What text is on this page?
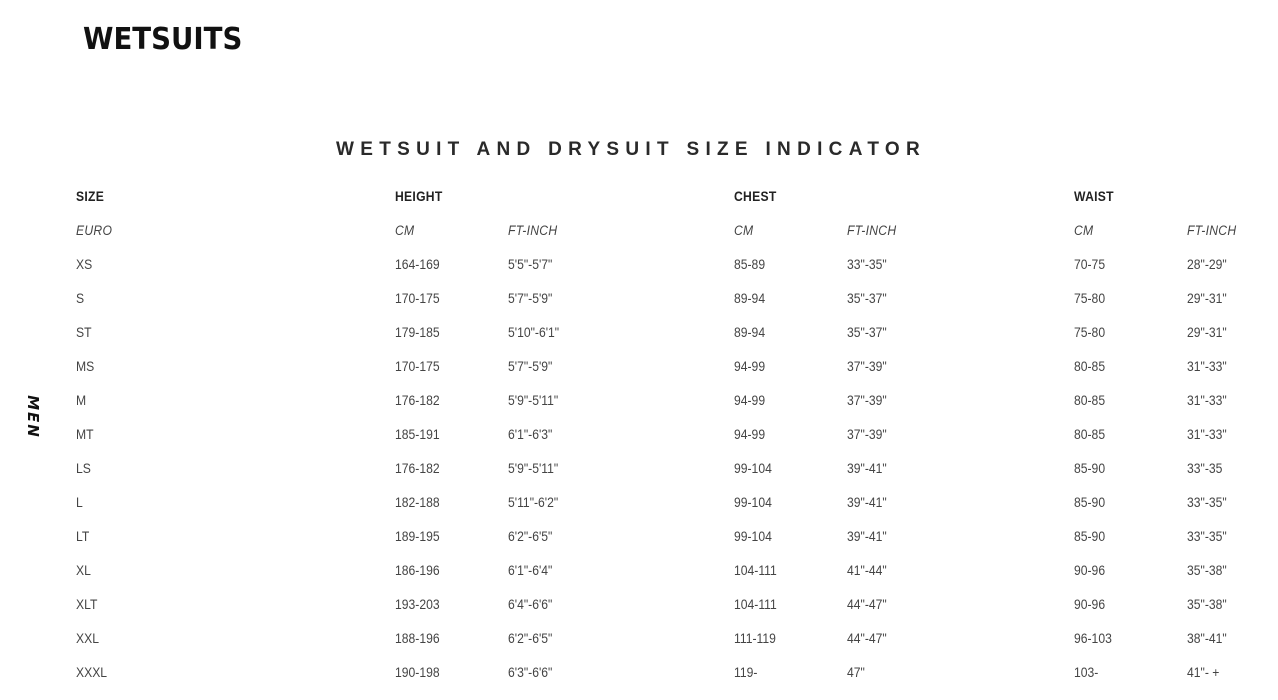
WETSUITS
WETSUIT AND DRYSUIT SIZE INDICATOR
MEN
SIZE	HEIGHT	CHEST	WAIST
EURO	CM	FT-INCH	CM	FT-INCH	CM	FT-INCH
XS	164-169	5'5"-5'7"	85-89	33"-35"	70-75	28"-29"
S	170-175	5'7"-5'9"	89-94	35"-37"	75-80	29"-31"
ST	179-185	5'10"-6'1"	89-94	35"-37"	75-80	29"-31"
MS	170-175	5'7"-5'9"	94-99	37"-39"	80-85	31"-33"
M	176-182	5'9"-5'11"	94-99	37"-39"	80-85	31"-33"
MT	185-191	6'1"-6'3"	94-99	37"-39"	80-85	31"-33"
LS	176-182	5'9"-5'11"	99-104	39"-41"	85-90	33"-35
L	182-188	5'11"-6'2"	99-104	39"-41"	85-90	33"-35"
LT	189-195	6'2"-6'5"	99-104	39"-41"	85-90	33"-35"
XL	186-196	6'1"-6'4"	104-111	41"-44"	90-96	35"-38"
XLT	193-203	6'4"-6'6"	104-111	44"-47"	90-96	35"-38"
XXL	188-196	6'2"-6'5"	111-119	44"-47"	96-103	38"-41"
XXXL	190-198	6'3"-6'6"	119-	47"	103-	41"- +
